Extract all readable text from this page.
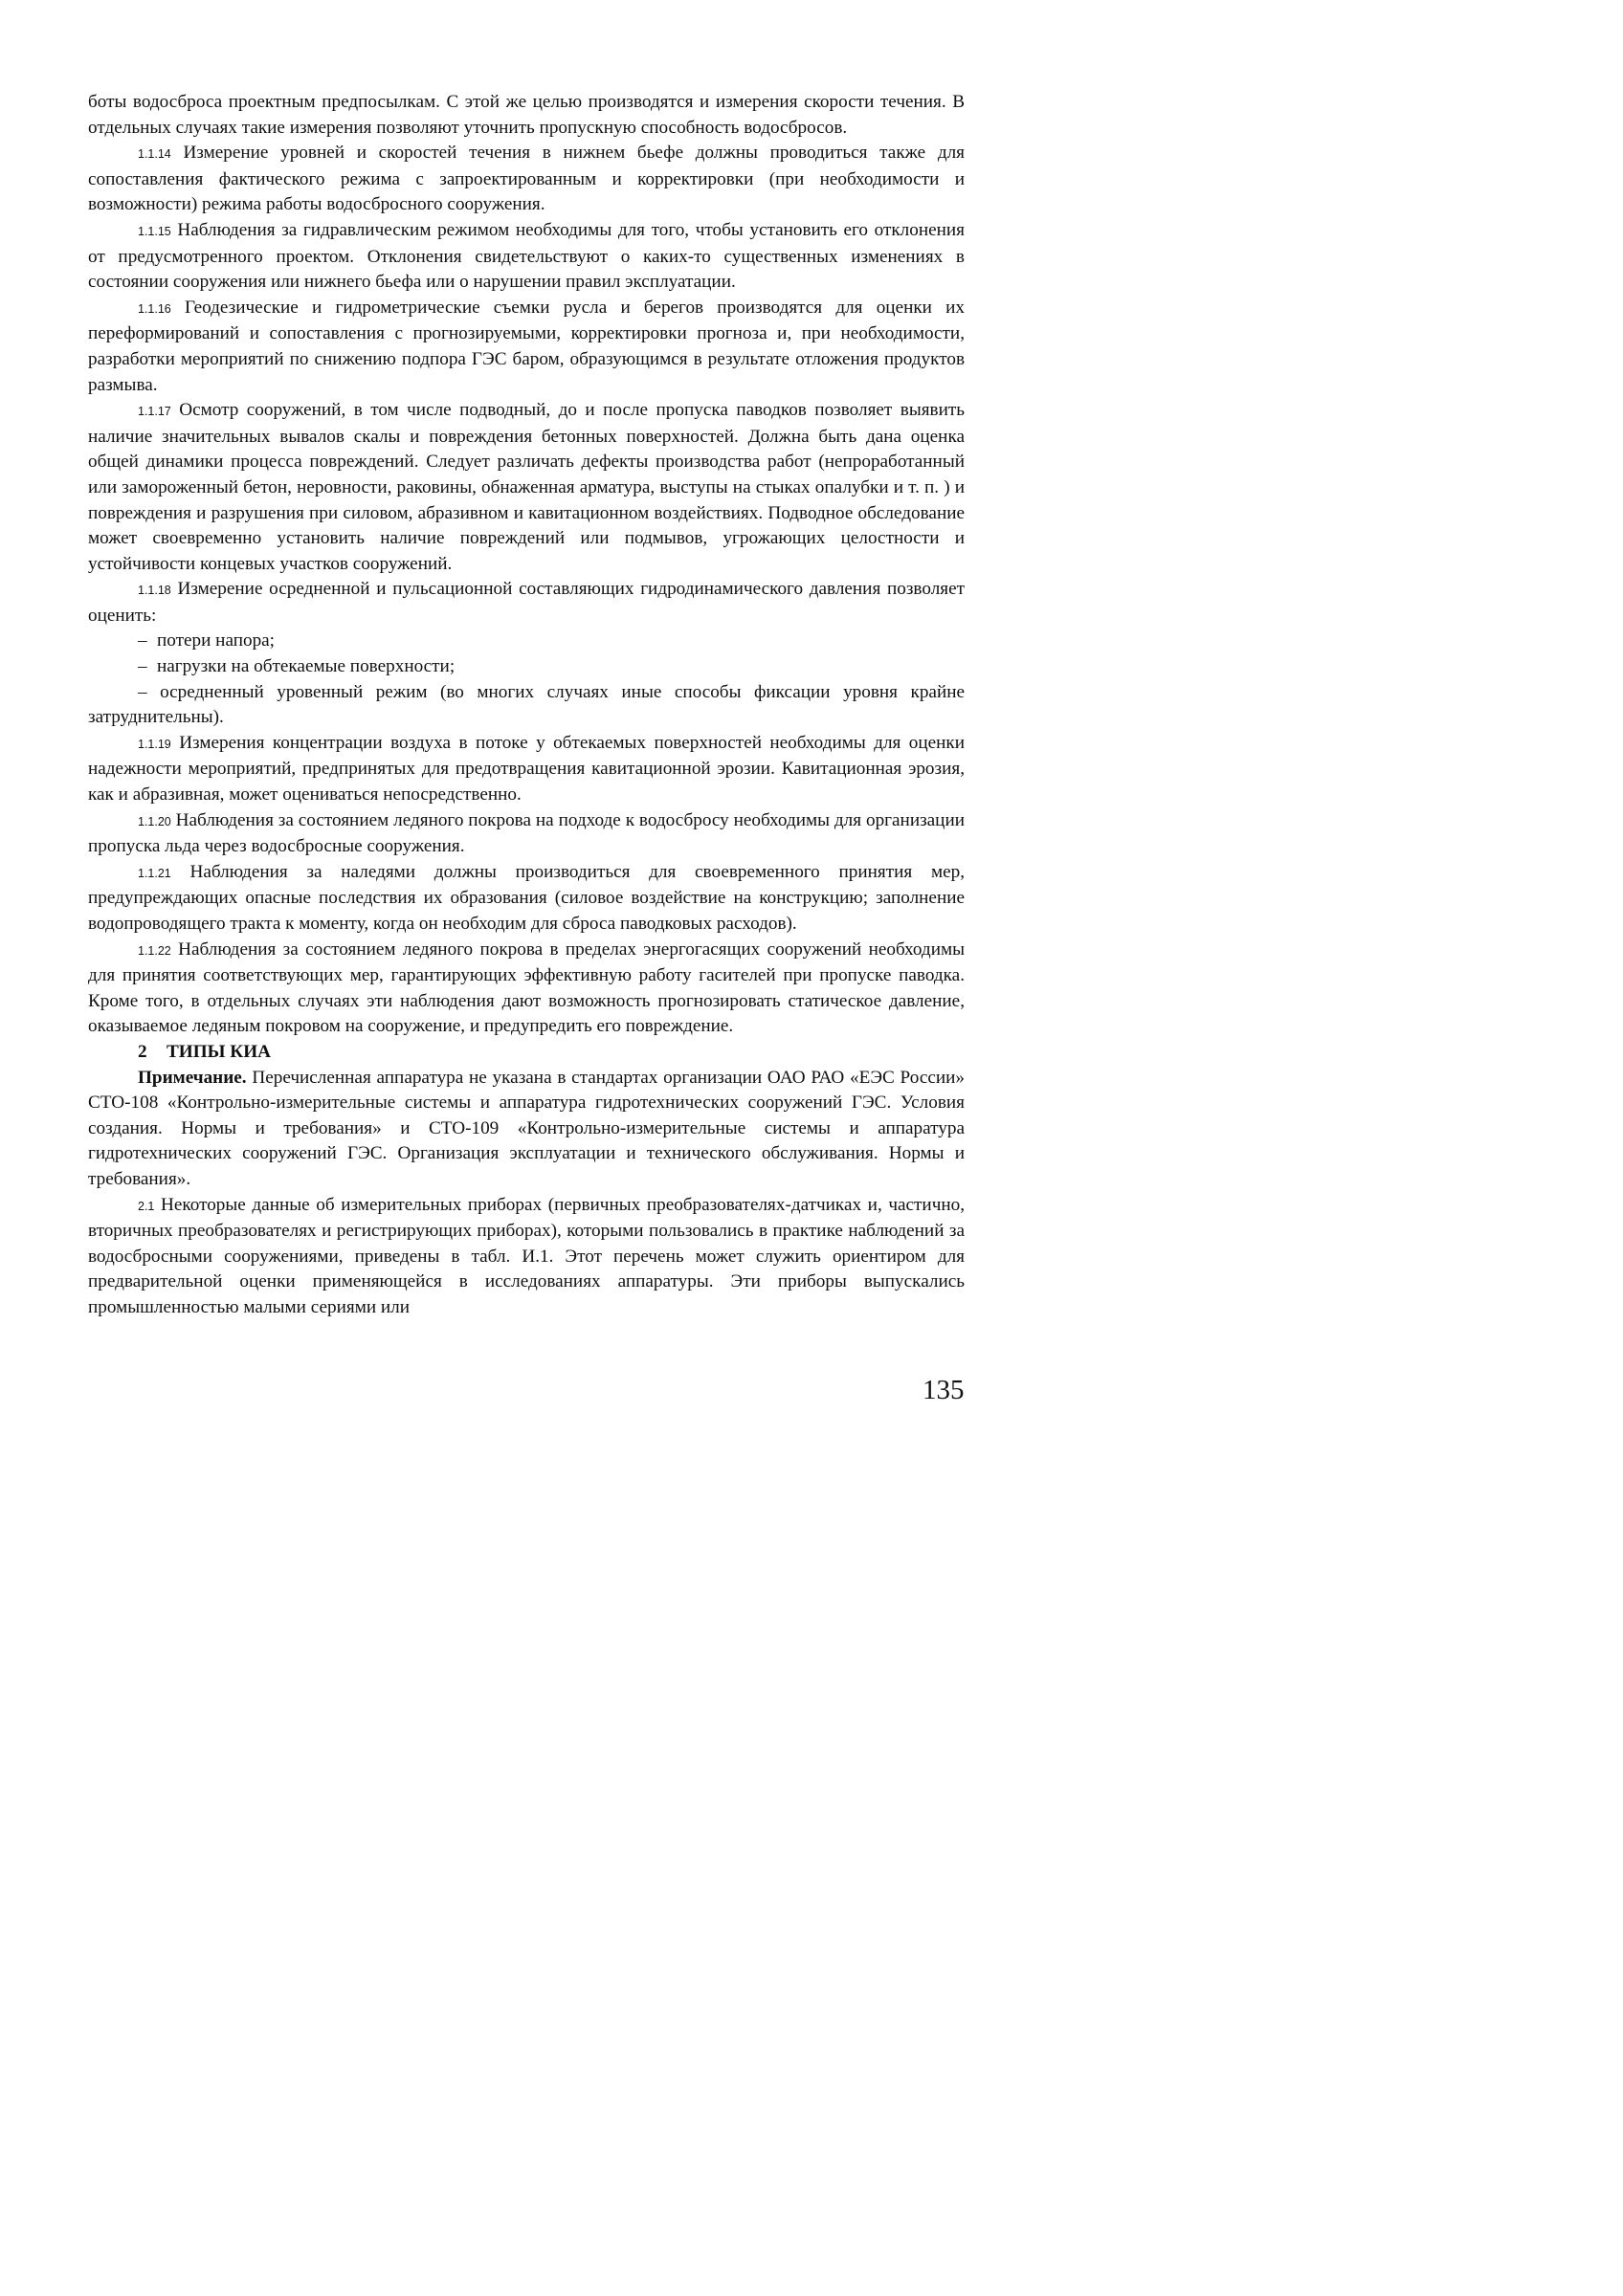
боты водосброса проектным предпосылкам. С этой же целью производятся и измерения скорости течения. В отдельных случаях такие измерения позволяют уточнить пропускную способность водосбросов.

1.1.14 Измерение уровней и скоростей течения в нижнем бьефе должны проводиться также для сопоставления фактического режима с запроектированным и корректировки (при необходимости и возможности) режима работы водосбросного сооружения.

1.1.15 Наблюдения за гидравлическим режимом необходимы для того, чтобы установить его отклонения от предусмотренного проектом. Отклонения свидетельствуют о каких-то существенных изменениях в состоянии сооружения или нижнего бьефа или о нарушении правил эксплуатации.

1.1.16 Геодезические и гидрометрические съемки русла и берегов производятся для оценки их переформирований и сопоставления с прогнозируемыми, корректировки прогноза и, при необходимости, разработки мероприятий по снижению подпора ГЭС баром, образующимся в результате отложения продуктов размыва.

1.1.17 Осмотр сооружений, в том числе подводный, до и после пропуска паводков позволяет выявить наличие значительных вывалов скалы и повреждения бетонных поверхностей. Должна быть дана оценка общей динамики процесса повреждений. Следует различать дефекты производства работ (непроработанный или замороженный бетон, неровности, раковины, обнаженная арматура, выступы на стыках опалубки и т. п. ) и повреждения и разрушения при силовом, абразивном и кавитационном воздействиях. Подводное обследование может своевременно установить наличие повреждений или подмывов, угрожающих целостности и устойчивости концевых участков сооружений.

1.1.18 Измерение осредненной и пульсационной составляющих гидродинамического давления позволяет оценить:

– потери напора;

– нагрузки на обтекаемые поверхности;

– осредненный уровенный режим (во многих случаях иные способы фиксации уровня крайне затруднительны).

1.1.19 Измерения концентрации воздуха в потоке у обтекаемых поверхностей необходимы для оценки надежности мероприятий, предпринятых для предотвращения кавитационной эрозии. Кавитационная эрозия, как и абразивная, может оцениваться непосредственно.

1.1.20 Наблюдения за состоянием ледяного покрова на подходе к водосбросу необходимы для организации пропуска льда через водосбросные сооружения.

1.1.21 Наблюдения за наледями должны производиться для своевременного принятия мер, предупреждающих опасные последствия их образования (силовое воздействие на конструкцию; заполнение водопроводящего тракта к моменту, когда он необходим для сброса паводковых расходов).

1.1.22 Наблюдения за состоянием ледяного покрова в пределах энергогасящих сооружений необходимы для принятия соответствующих мер, гарантирующих эффективную работу гасителей при пропуске паводка. Кроме того, в отдельных случаях эти наблюдения дают возможность прогнозировать статическое давление, оказываемое ледяным покровом на сооружение, и предупредить его повреждение.

2 ТИПЫ КИА

Примечание. Перечисленная аппаратура не указана в стандартах организации ОАО РАО «ЕЭС России» СТО-108 «Контрольно-измерительные системы и аппаратура гидротехнических сооружений ГЭС. Условия создания. Нормы и требования» и СТО-109 «Контрольно-измерительные системы и аппаратура гидротехнических сооружений ГЭС. Организация эксплуатации и технического обслуживания. Нормы и требования».

2.1 Некоторые данные об измерительных приборах (первичных преобразователях-датчиках и, частично, вторичных преобразователях и регистрирующих приборах), которыми пользовались в практике наблюдений за водосбросными сооружениями, приведены в табл. И.1. Этот перечень может служить ориентиром для предварительной оценки применяющейся в исследованиях аппаратуры. Эти приборы выпускались промышленностью малыми сериями или

135
